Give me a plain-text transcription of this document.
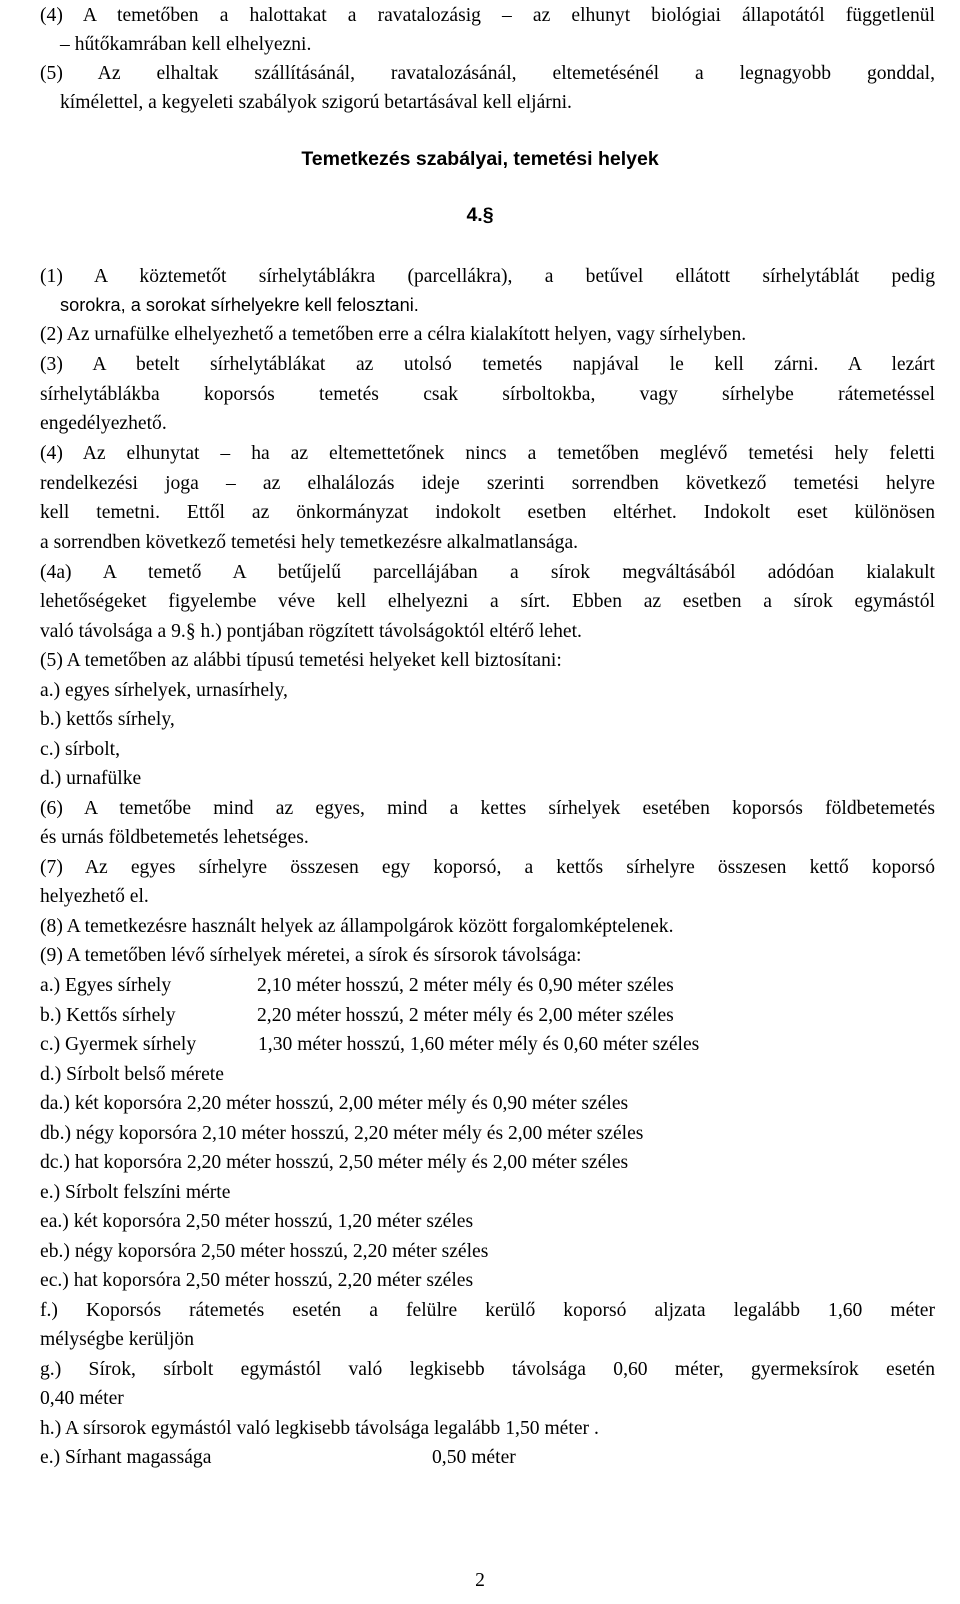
(4) A temetőben a halottakat a ravatalozásig – az elhunyt biológiai állapotától függetlenül

– hűtőkamrában kell elhelyezni.

(5) Az elhaltak szállításánál, ravatalozásánál, eltemetésénél a legnagyobb gonddal,

kímélettel, a kegyeleti szabályok szigorú betartásával kell eljárni.

Temetkezés szabályai, temetési helyek

4.§

(1) A köztemetőt sírhelytáblákra (parcellákra), a betűvel ellátott sírhelytáblát pedig

sorokra, a sorokat sírhelyekre kell felosztani.

(2) Az urnafülke elhelyezhető a temetőben erre a célra kialakított helyen, vagy sírhelyben.

(3) A betelt sírhelytáblákat az utolsó temetés napjával le kell zárni. A lezárt

sírhelytáblákba koporsós temetés csak sírboltokba, vagy sírhelybe rátemetéssel

engedélyezhető.

(4) Az elhunytat – ha az eltemettetőnek nincs a temetőben meglévő temetési hely feletti

rendelkezési joga – az elhalálozás ideje szerinti sorrendben következő temetési helyre

kell temetni. Ettől az önkormányzat indokolt esetben eltérhet. Indokolt eset különösen

a sorrendben következő temetési hely temetkezésre alkalmatlansága.

(4a) A temető A betűjelű parcellájában a sírok megváltásából adódóan kialakult

lehetőségeket figyelembe véve kell elhelyezni a sírt. Ebben az esetben a sírok egymástól

való távolsága a 9.§ h.) pontjában rögzített távolságoktól eltérő lehet.

(5) A temetőben az alábbi típusú temetési helyeket kell biztosítani:

a.) egyes sírhelyek, urnasírhely,

b.) kettős sírhely,

c.) sírbolt,

d.) urnafülke

(6) A temetőbe mind az egyes, mind a kettes sírhelyek esetében koporsós földbetemetés

és urnás földbetemetés lehetséges.

(7) Az egyes sírhelyre összesen egy koporsó, a kettős sírhelyre összesen kettő koporsó

helyezhető el.

(8) A temetkezésre használt helyek az állampolgárok között forgalomképtelenek.

(9) A temetőben lévő sírhelyek méretei, a sírok és sírsorok távolsága:

a.) Egyes sírhely	2,10 méter hosszú, 2 méter mély és 0,90 méter széles

b.) Kettős sírhely	2,20 méter hosszú, 2 méter mély és 2,00 méter széles

c.) Gyermek sírhely	1,30 méter hosszú, 1,60 méter mély és 0,60 méter széles

d.) Sírbolt belső mérete

da.) két koporsóra 2,20 méter hosszú, 2,00 méter mély és 0,90 méter széles

db.) négy koporsóra 2,10 méter hosszú, 2,20 méter mély és 2,00 méter széles

dc.) hat koporsóra 2,20 méter hosszú, 2,50 méter mély és 2,00 méter széles

e.) Sírbolt felszíni mérte

ea.) két koporsóra 2,50 méter hosszú, 1,20 méter széles

eb.) négy koporsóra 2,50 méter hosszú, 2,20 méter széles

ec.) hat koporsóra 2,50 méter hosszú, 2,20 méter széles

f.) Koporsós rátemetés esetén a felülre kerülő koporsó aljzata legalább 1,60 méter

mélységbe kerüljön

g.) Sírok, sírbolt egymástól való legkisebb távolsága 0,60 méter, gyermeksírok esetén

0,40 méter

h.) A sírsorok egymástól való legkisebb távolsága legalább 1,50 méter .

e.) Sírhant magassága	0,50 méter

2
